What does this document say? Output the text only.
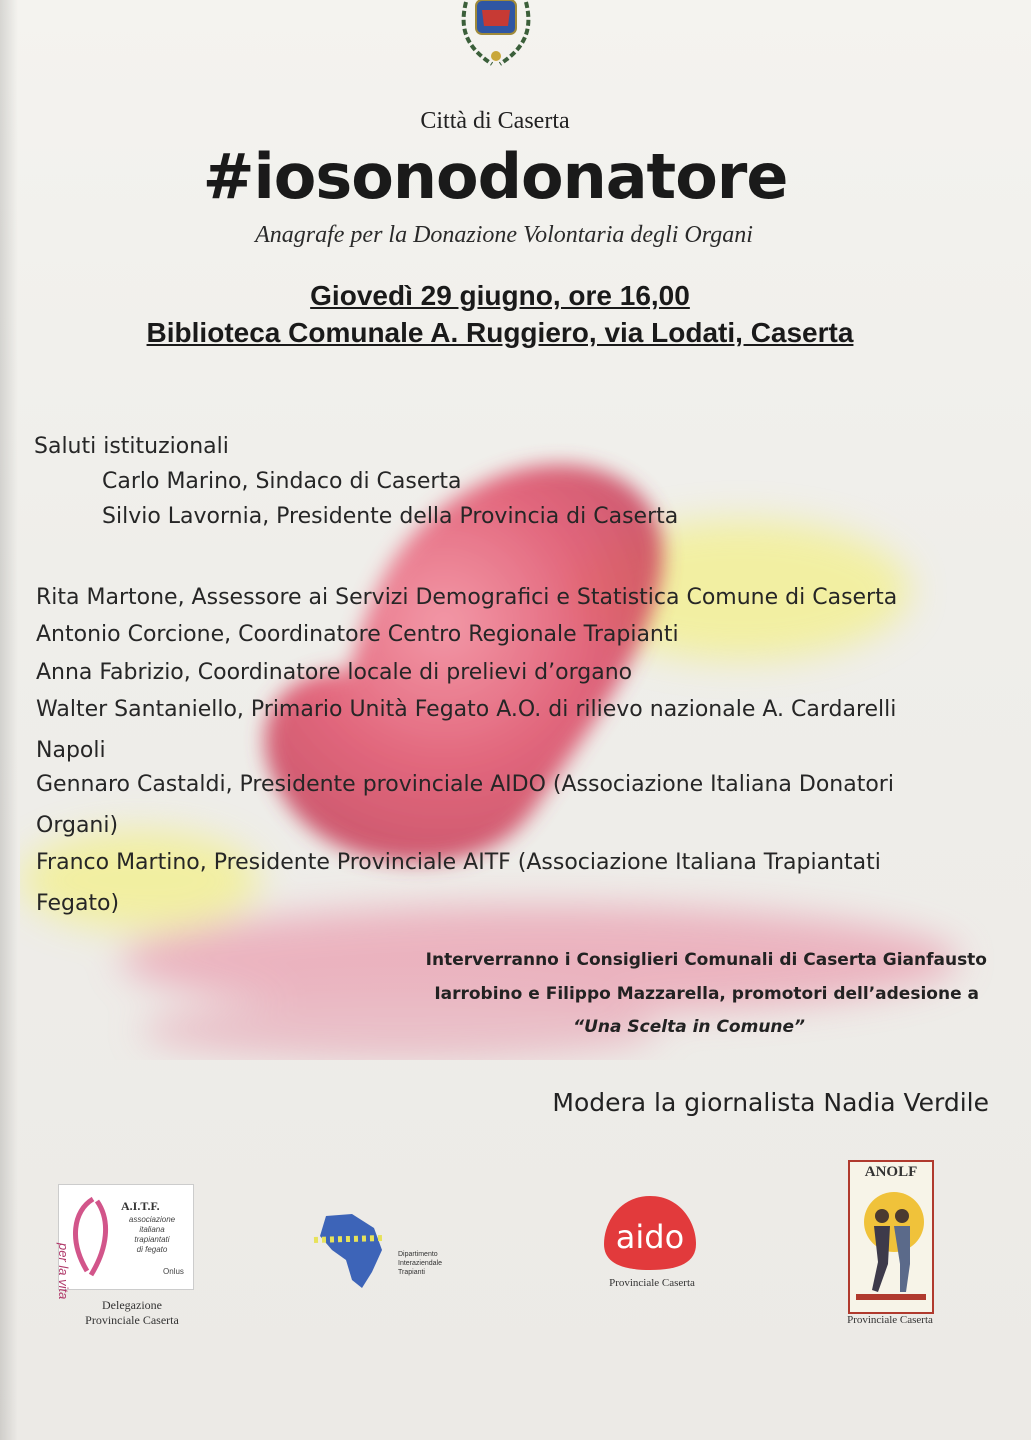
Città di Caserta
#iosonodonatore
Anagrafe per la Donazione Volontaria degli Organi
Giovedì 29 giugno, ore 16,00
Biblioteca Comunale A. Ruggiero, via Lodati, Caserta
Saluti istituzionali
Carlo Marino, Sindaco di Caserta
Silvio Lavornia, Presidente della Provincia di Caserta
Rita Martone, Assessore ai Servizi Demografici e Statistica Comune di Caserta
Antonio Corcione, Coordinatore Centro Regionale Trapianti
Anna Fabrizio, Coordinatore locale di prelievi d’organo
Walter Santaniello, Primario Unità Fegato A.O. di rilievo nazionale A. Cardarelli
Napoli
Gennaro Castaldi, Presidente provinciale AIDO (Associazione Italiana Donatori
Organi)
Franco Martino, Presidente Provinciale AITF (Associazione Italiana Trapiantati
Fegato)
Interverranno i Consiglieri Comunali di Caserta Gianfausto
Iarrobino e Filippo Mazzarella, promotori dell’adesione a
“Una Scelta in Comune”
Modera la giornalista Nadia Verdile
per la vita
A.I.T.F.
associazione
italiana
trapiantati
di fegato
Onlus
Delegazione
Provinciale Caserta
Dipartimento
Interaziendale
Trapianti
aido
Provinciale Caserta
ANOLF
Provinciale Caserta
